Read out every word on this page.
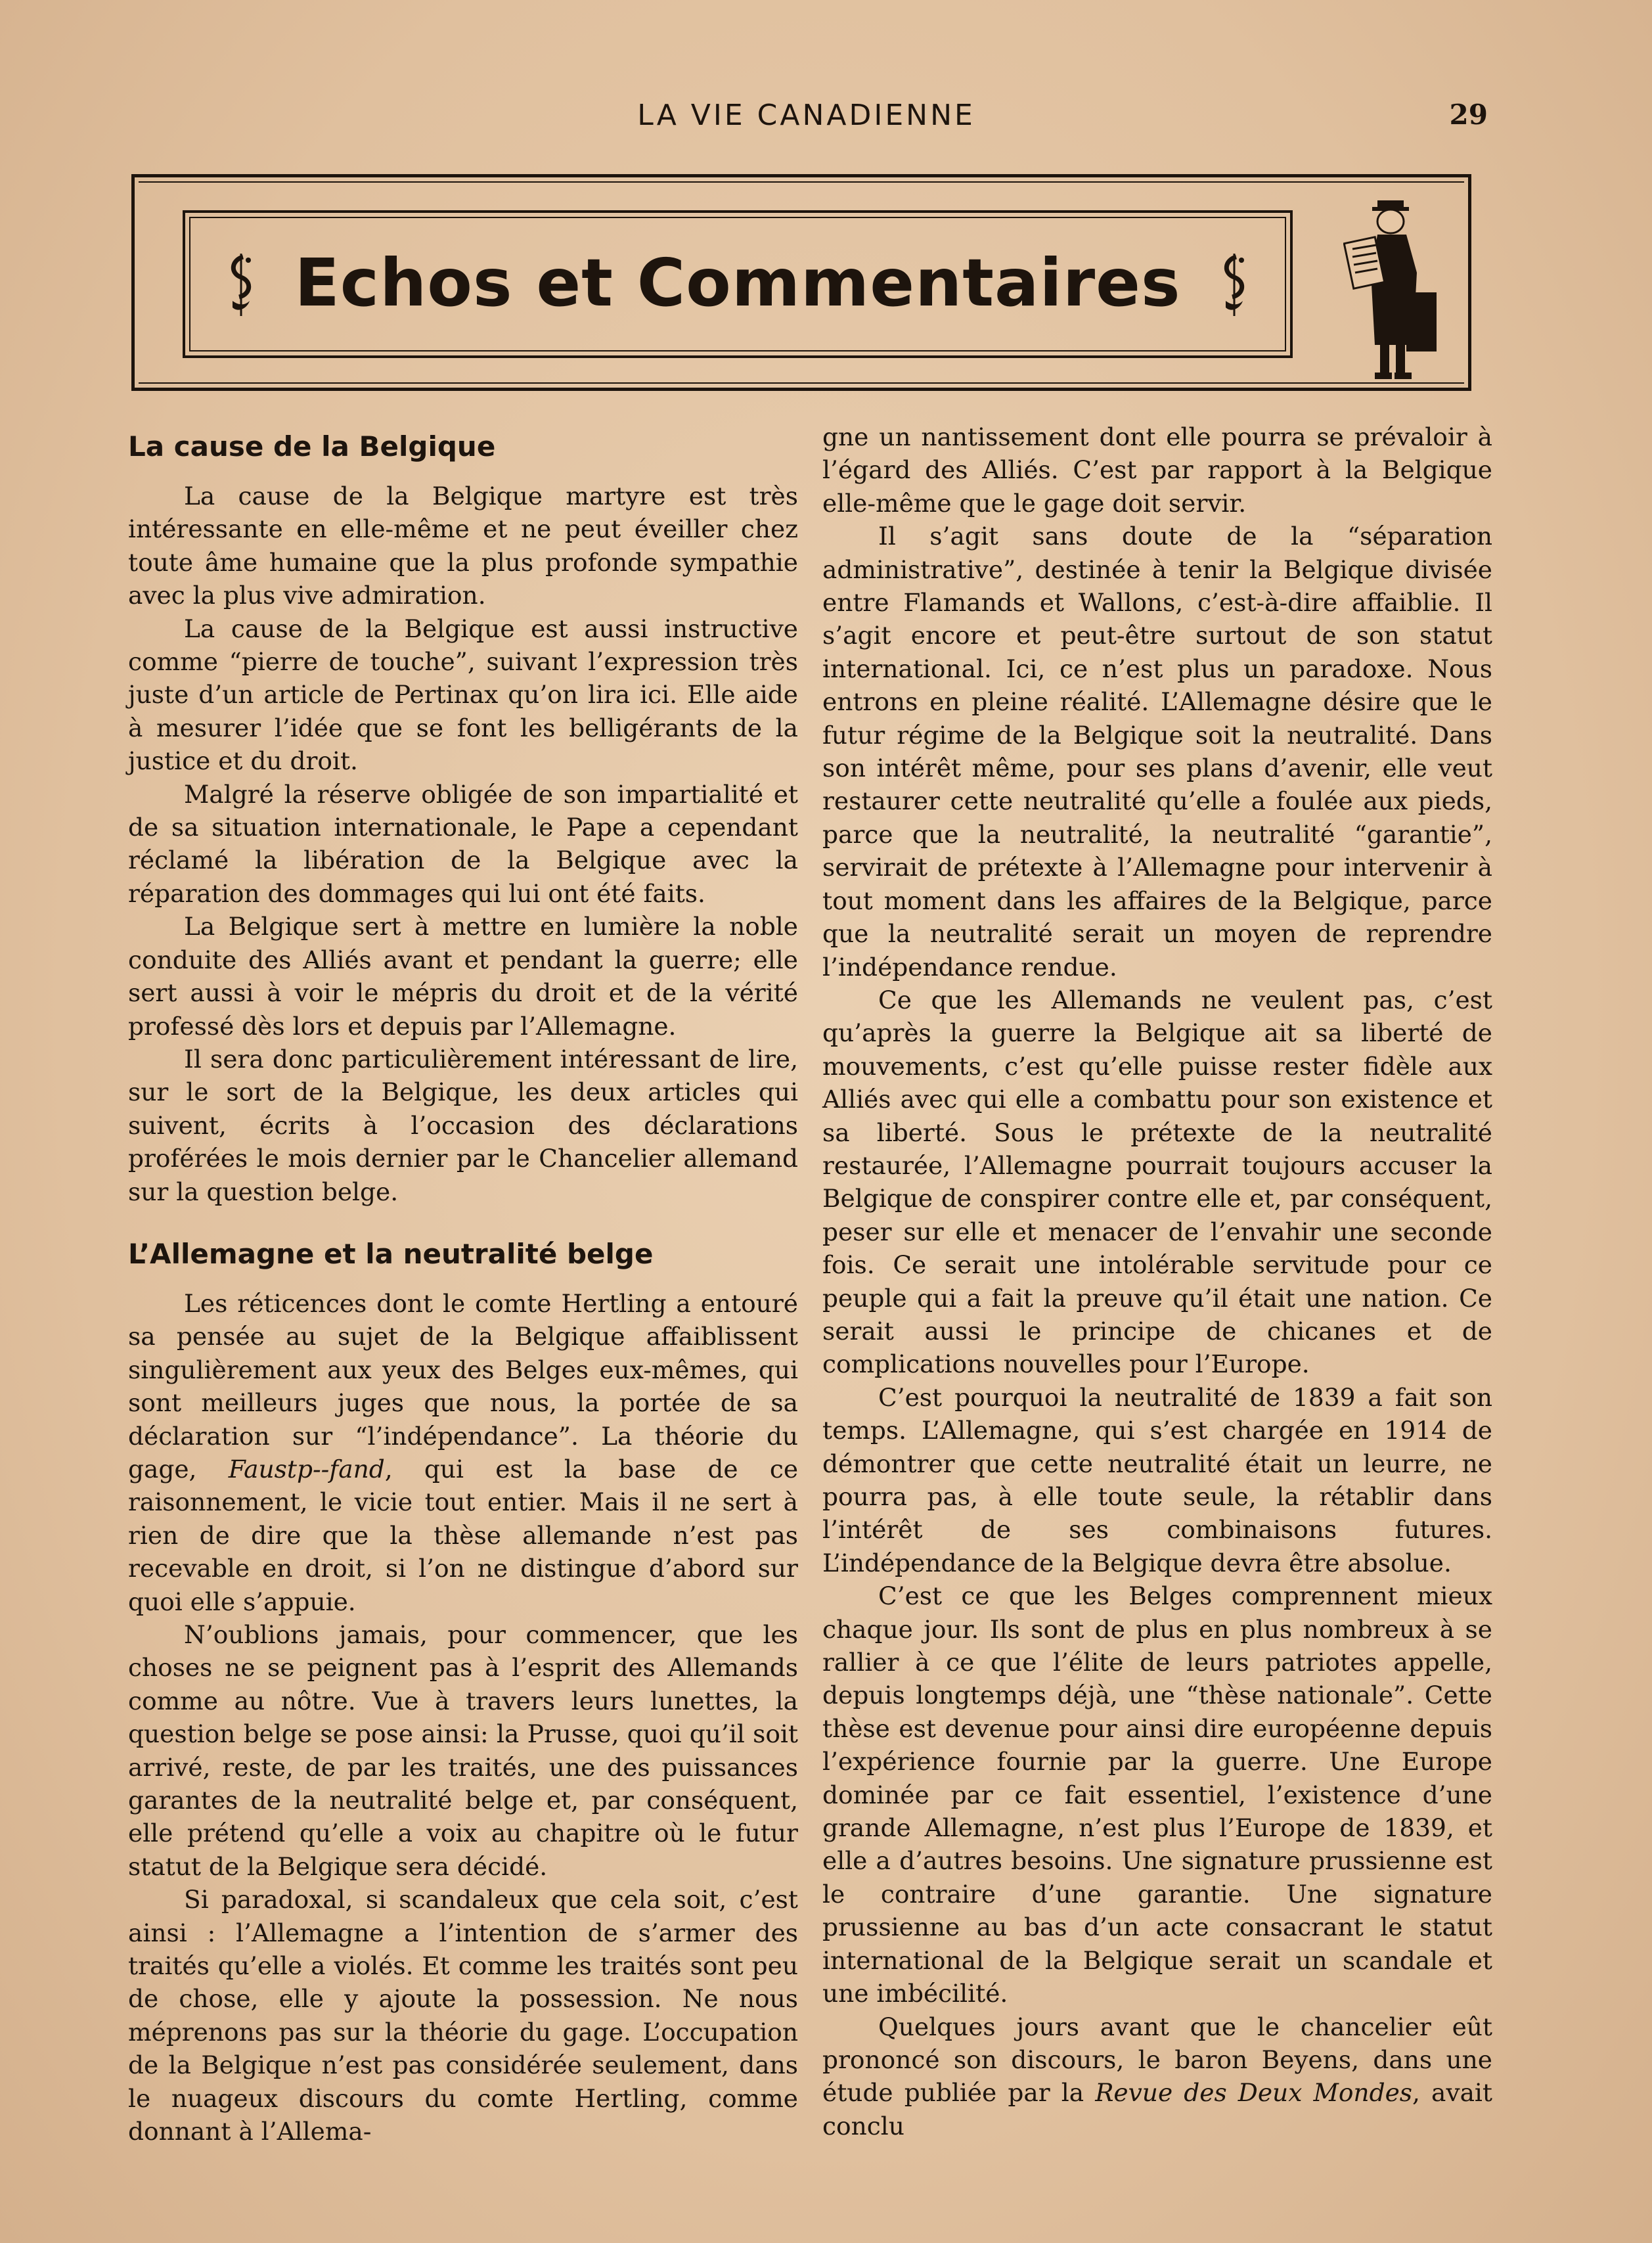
LA VIE CANADIENNE	29
Echos et Commentaires
La cause de la Belgique

La cause de la Belgique martyre est très intéressante en elle-même et ne peut éveiller chez toute âme humaine que la plus profonde sympathie avec la plus vive admiration.

La cause de la Belgique est aussi instructive comme “pierre de touche”, suivant l’expression très juste d’un article de Pertinax qu’on lira ici. Elle aide à mesurer l’idée que se font les belligérants de la justice et du droit.

Malgré la réserve obligée de son impartialité et de sa situation internationale, le Pape a cependant réclamé la libération de la Belgique avec la réparation des dommages qui lui ont été faits.

La Belgique sert à mettre en lumière la noble conduite des Alliés avant et pendant la guerre; elle sert aussi à voir le mépris du droit et de la vérité professé dès lors et depuis par l’Allemagne.

Il sera donc particulièrement intéressant de lire, sur le sort de la Belgique, les deux articles qui suivent, écrits à l’occasion des déclarations proférées le mois dernier par le Chancelier allemand sur la question belge.

L’Allemagne et la neutralité belge

Les réticences dont le comte Hertling a entouré sa pensée au sujet de la Belgique affaiblissent singulièrement aux yeux des Belges eux-mêmes, qui sont meilleurs juges que nous, la portée de sa déclaration sur “l’indépendance”. La théorie du gage, Faustp--fand, qui est la base de ce raisonnement, le vicie tout entier. Mais il ne sert à rien de dire que la thèse allemande n’est pas recevable en droit, si l’on ne distingue d’abord sur quoi elle s’appuie.

N’oublions jamais, pour commencer, que les choses ne se peignent pas à l’esprit des Allemands comme au nôtre. Vue à travers leurs lunettes, la question belge se pose ainsi: la Prusse, quoi qu’il soit arrivé, reste, de par les traités, une des puissances garantes de la neutralité belge et, par conséquent, elle prétend qu’elle a voix au chapitre où le futur statut de la Belgique sera décidé.

Si paradoxal, si scandaleux que cela soit, c’est ainsi : l’Allemagne a l’intention de s’armer des traités qu’elle a violés. Et comme les traités sont peu de chose, elle y ajoute la possession. Ne nous méprenons pas sur la théorie du gage. L’occupation de la Belgique n’est pas considérée seulement, dans le nuageux discours du comte Hertling, comme donnant à l’Allema-

gne un nantissement dont elle pourra se prévaloir à l’égard des Alliés. C’est par rapport à la Belgique elle-même que le gage doit servir.

Il s’agit sans doute de la “séparation administrative”, destinée à tenir la Belgique divisée entre Flamands et Wallons, c’est-à-dire affaiblie. Il s’agit encore et peut-être surtout de son statut international. Ici, ce n’est plus un paradoxe. Nous entrons en pleine réalité. L’Allemagne désire que le futur régime de la Belgique soit la neutralité. Dans son intérêt même, pour ses plans d’avenir, elle veut restaurer cette neutralité qu’elle a foulée aux pieds, parce que la neutralité, la neutralité “garantie”, servirait de prétexte à l’Allemagne pour intervenir à tout moment dans les affaires de la Belgique, parce que la neutralité serait un moyen de reprendre l’indépendance rendue.

Ce que les Allemands ne veulent pas, c’est qu’après la guerre la Belgique ait sa liberté de mouvements, c’est qu’elle puisse rester fidèle aux Alliés avec qui elle a combattu pour son existence et sa liberté. Sous le prétexte de la neutralité restaurée, l’Allemagne pourrait toujours accuser la Belgique de conspirer contre elle et, par conséquent, peser sur elle et menacer de l’envahir une seconde fois. Ce serait une intolérable servitude pour ce peuple qui a fait la preuve qu’il était une nation. Ce serait aussi le principe de chicanes et de complications nouvelles pour l’Europe.

C’est pourquoi la neutralité de 1839 a fait son temps. L’Allemagne, qui s’est chargée en 1914 de démontrer que cette neutralité était un leurre, ne pourra pas, à elle toute seule, la rétablir dans l’intérêt de ses combinaisons futures. L’indépendance de la Belgique devra être absolue.

C’est ce que les Belges comprennent mieux chaque jour. Ils sont de plus en plus nombreux à se rallier à ce que l’élite de leurs patriotes appelle, depuis longtemps déjà, une “thèse nationale”. Cette thèse est devenue pour ainsi dire européenne depuis l’expérience fournie par la guerre. Une Europe dominée par ce fait essentiel, l’existence d’une grande Allemagne, n’est plus l’Europe de 1839, et elle a d’autres besoins. Une signature prussienne est le contraire d’une garantie. Une signature prussienne au bas d’un acte consacrant le statut international de la Belgique serait un scandale et une imbécilité.

Quelques jours avant que le chancelier eût prononcé son discours, le baron Beyens, dans une étude publiée par la Revue des Deux Mondes, avait conclu
